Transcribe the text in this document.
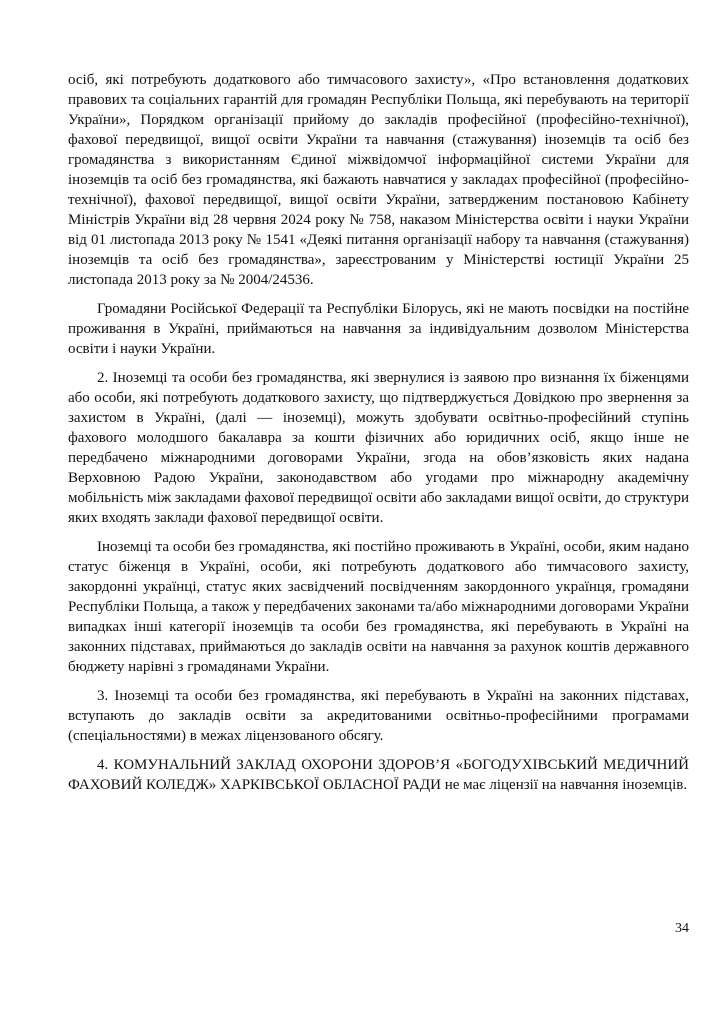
осіб, які потребують додаткового або тимчасового захисту», «Про встановлення додаткових правових та соціальних гарантій для громадян Республіки Польща, які перебувають на території України», Порядком організації прийому до закладів професійної (професійно-технічної), фахової передвищої, вищої освіти України та навчання (стажування) іноземців та осіб без громадянства з використанням Єдиної міжвідомчої інформаційної системи України для іноземців та осіб без громадянства, які бажають навчатися у закладах професійної (професійно-технічної), фахової передвищої, вищої освіти України, затвердженим постановою Кабінету Міністрів України від 28 червня 2024 року № 758, наказом Міністерства освіти і науки України від 01 листопада 2013 року № 1541 «Деякі питання організації набору та навчання (стажування) іноземців та осіб без громадянства», зареєстрованим у Міністерстві юстиції України 25 листопада 2013 року за № 2004/24536.

Громадяни Російської Федерації та Республіки Білорусь, які не мають посвідки на постійне проживання в Україні, приймаються на навчання за індивідуальним дозволом Міністерства освіти і науки України.

2. Іноземці та особи без громадянства, які звернулися із заявою про визнання їх біженцями або особи, які потребують додаткового захисту, що підтверджується Довідкою про звернення за захистом в Україні, (далі — іноземці), можуть здобувати освітньо-професійний ступінь фахового молодшого бакалавра за кошти фізичних або юридичних осіб, якщо інше не передбачено міжнародними договорами України, згода на обов’язковість яких надана Верховною Радою України, законодавством або угодами про міжнародну академічну мобільність між закладами фахової передвищої освіти або закладами вищої освіти, до структури яких входять заклади фахової передвищої освіти.

Іноземці та особи без громадянства, які постійно проживають в Україні, особи, яким надано статус біженця в Україні, особи, які потребують додаткового або тимчасового захисту, закордонні українці, статус яких засвідчений посвідченням закордонного українця, громадяни Республіки Польща, а також у передбачених законами та/або міжнародними договорами України випадках інші категорії іноземців та особи без громадянства, які перебувають в Україні на законних підставах, приймаються до закладів освіти на навчання за рахунок коштів державного бюджету нарівні з громадянами України.

3. Іноземці та особи без громадянства, які перебувають в Україні на законних підставах, вступають до закладів освіти за акредитованими освітньо-професійними програмами (спеціальностями) в межах ліцензованого обсягу.

4. КОМУНАЛЬНИЙ ЗАКЛАД ОХОРОНИ ЗДОРОВ’Я «БОГОДУХІВСЬКИЙ МЕДИЧНИЙ ФАХОВИЙ КОЛЕДЖ» ХАРКІВСЬКОЇ ОБЛАСНОЇ РАДИ не має ліцензії на навчання іноземців.

34
